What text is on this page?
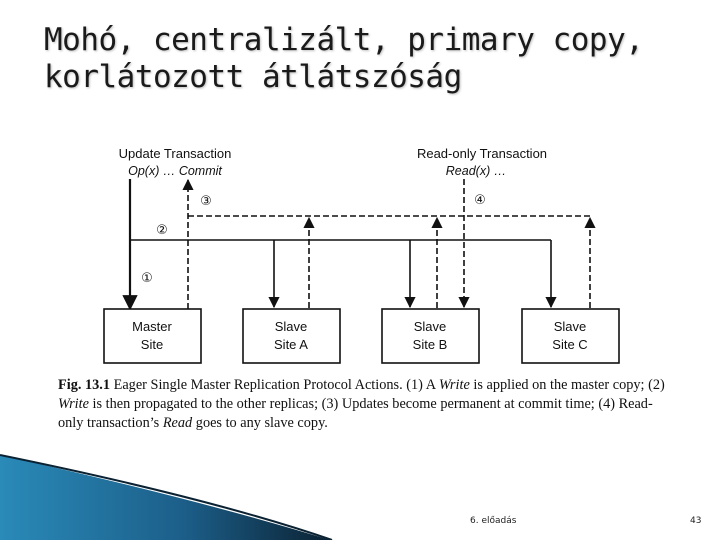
Mohó, centralizált, primary copy,
korlátozott átlátszóság
Update Transaction
Op(x) … Commit
Read-only Transaction
Read(x) …
③	④
②
①
Master
Site
Slave
Site A
Slave
Site B
Slave
Site C
Fig. 13.1 Eager Single Master Replication Protocol Actions. (1) A Write is applied on the master copy; (2) Write is then propagated to the other replicas; (3) Updates become permanent at commit time; (4) Read-only transaction’s Read goes to any slave copy.
6. előadás	43
